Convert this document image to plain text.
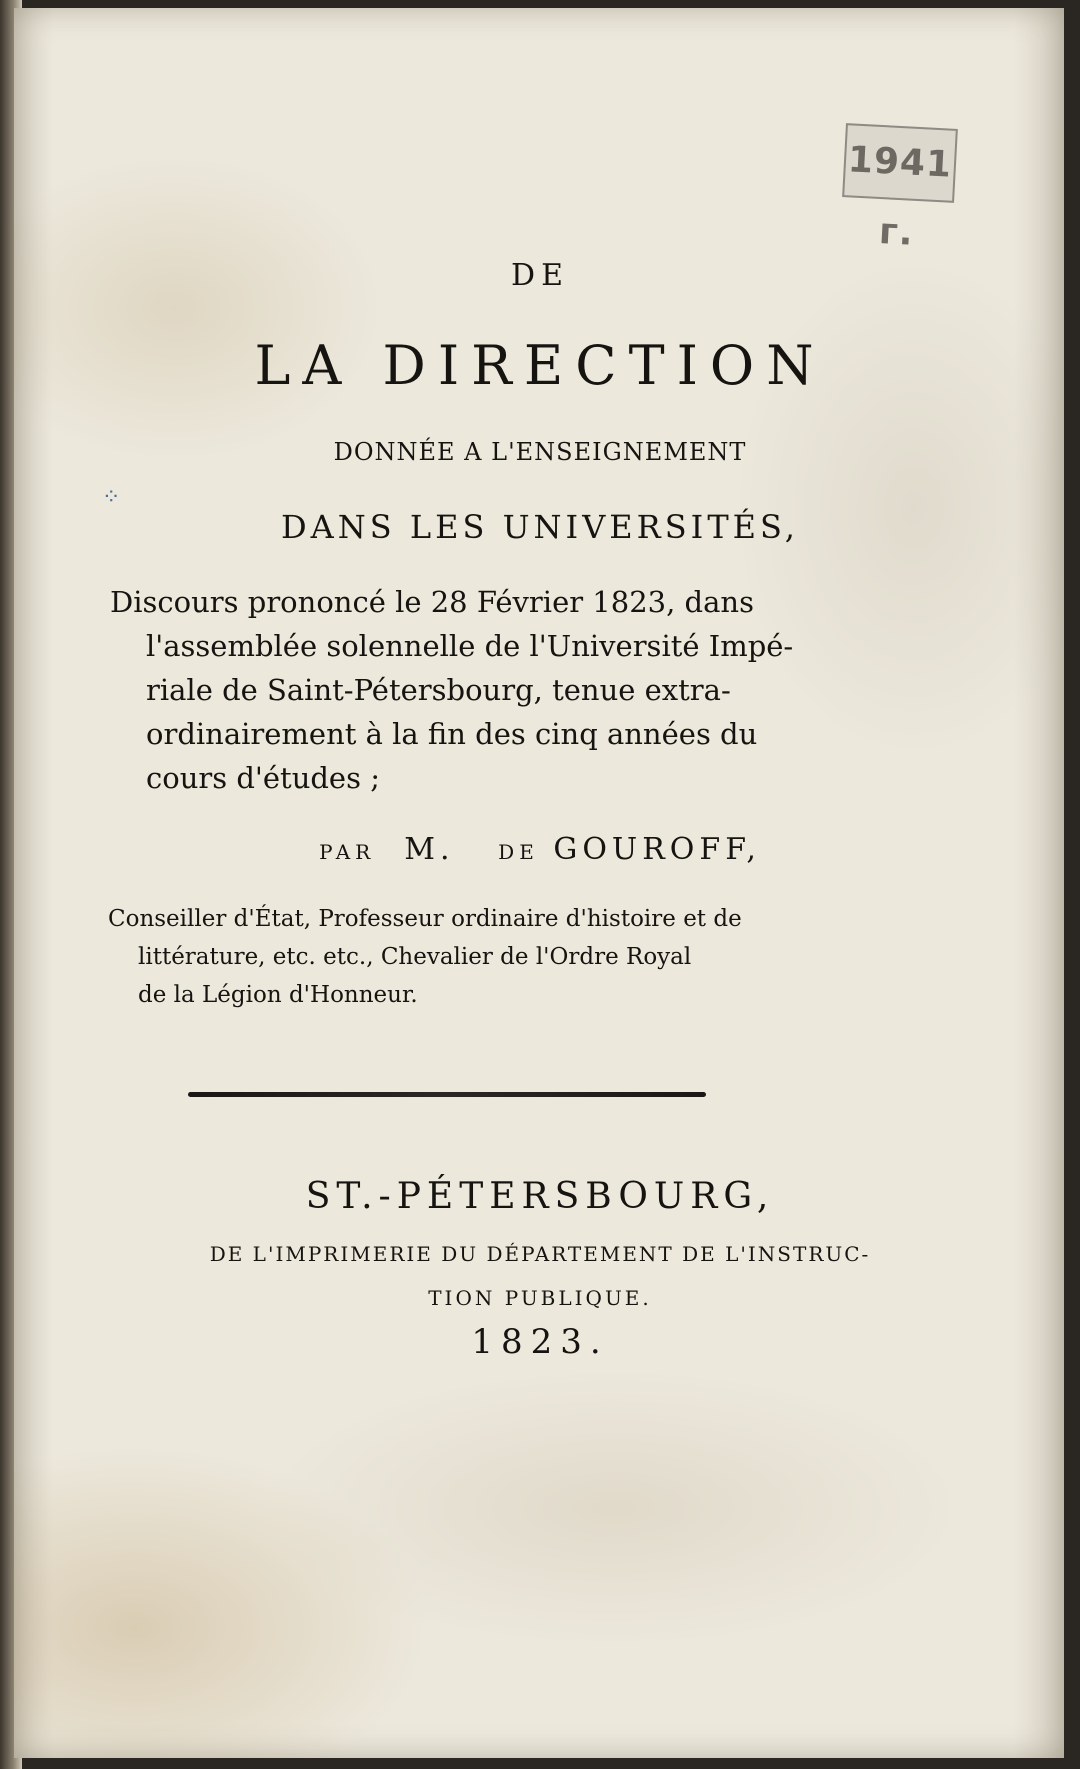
1941 г.
⁘
DE
LA DIRECTION
DONNÉE A L'ENSEIGNEMENT
DANS LES UNIVERSITÉS,
Discours prononcé le 28 Février 1823, dans
l'assemblée solennelle de l'Université Impé-
riale de Saint-Pétersbourg, tenue extra-
ordinairement à la fin des cinq années du
cours d'études ;
PAR M. DE GOUROFF,
Conseiller d'État, Professeur ordinaire d'histoire et de
littérature, etc. etc., Chevalier de l'Ordre Royal
de la Légion d'Honneur.
ST.-PÉTERSBOURG,
DE L'IMPRIMERIE DU DÉPARTEMENT DE L'INSTRUC-
TION PUBLIQUE.
1823.
